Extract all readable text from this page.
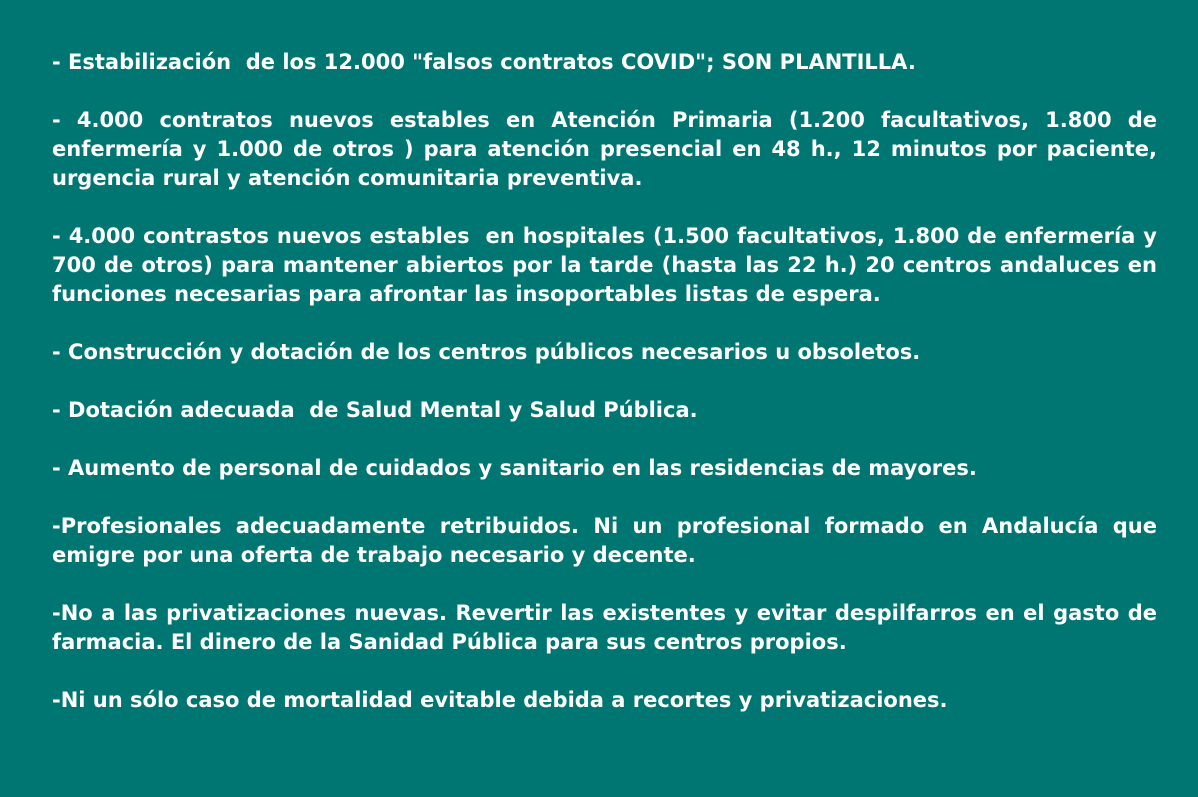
- Estabilización  de los 12.000 "falsos contratos COVID"; SON PLANTILLA.

- 4.000 contratos nuevos estables en Atención Primaria (1.200 facultativos, 1.800 de enfermería y 1.000 de otros ) para atención presencial en 48 h., 12 minutos por paciente, urgencia rural y atención comunitaria preventiva.

- 4.000 contrastos nuevos estables  en hospitales (1.500 facultativos, 1.800 de enfermería y 700 de otros) para mantener abiertos por la tarde (hasta las 22 h.) 20 centros andaluces en funciones necesarias para afrontar las insoportables listas de espera.

- Construcción y dotación de los centros públicos necesarios u obsoletos.

- Dotación adecuada  de Salud Mental y Salud Pública.

- Aumento de personal de cuidados y sanitario en las residencias de mayores.

-Profesionales adecuadamente retribuidos. Ni un profesional formado en Andalucía que emigre por una oferta de trabajo necesario y decente.

-No a las privatizaciones nuevas. Revertir las existentes y evitar despilfarros en el gasto de farmacia. El dinero de la Sanidad Pública para sus centros propios.

-Ni un sólo caso de mortalidad evitable debida a recortes y privatizaciones.
